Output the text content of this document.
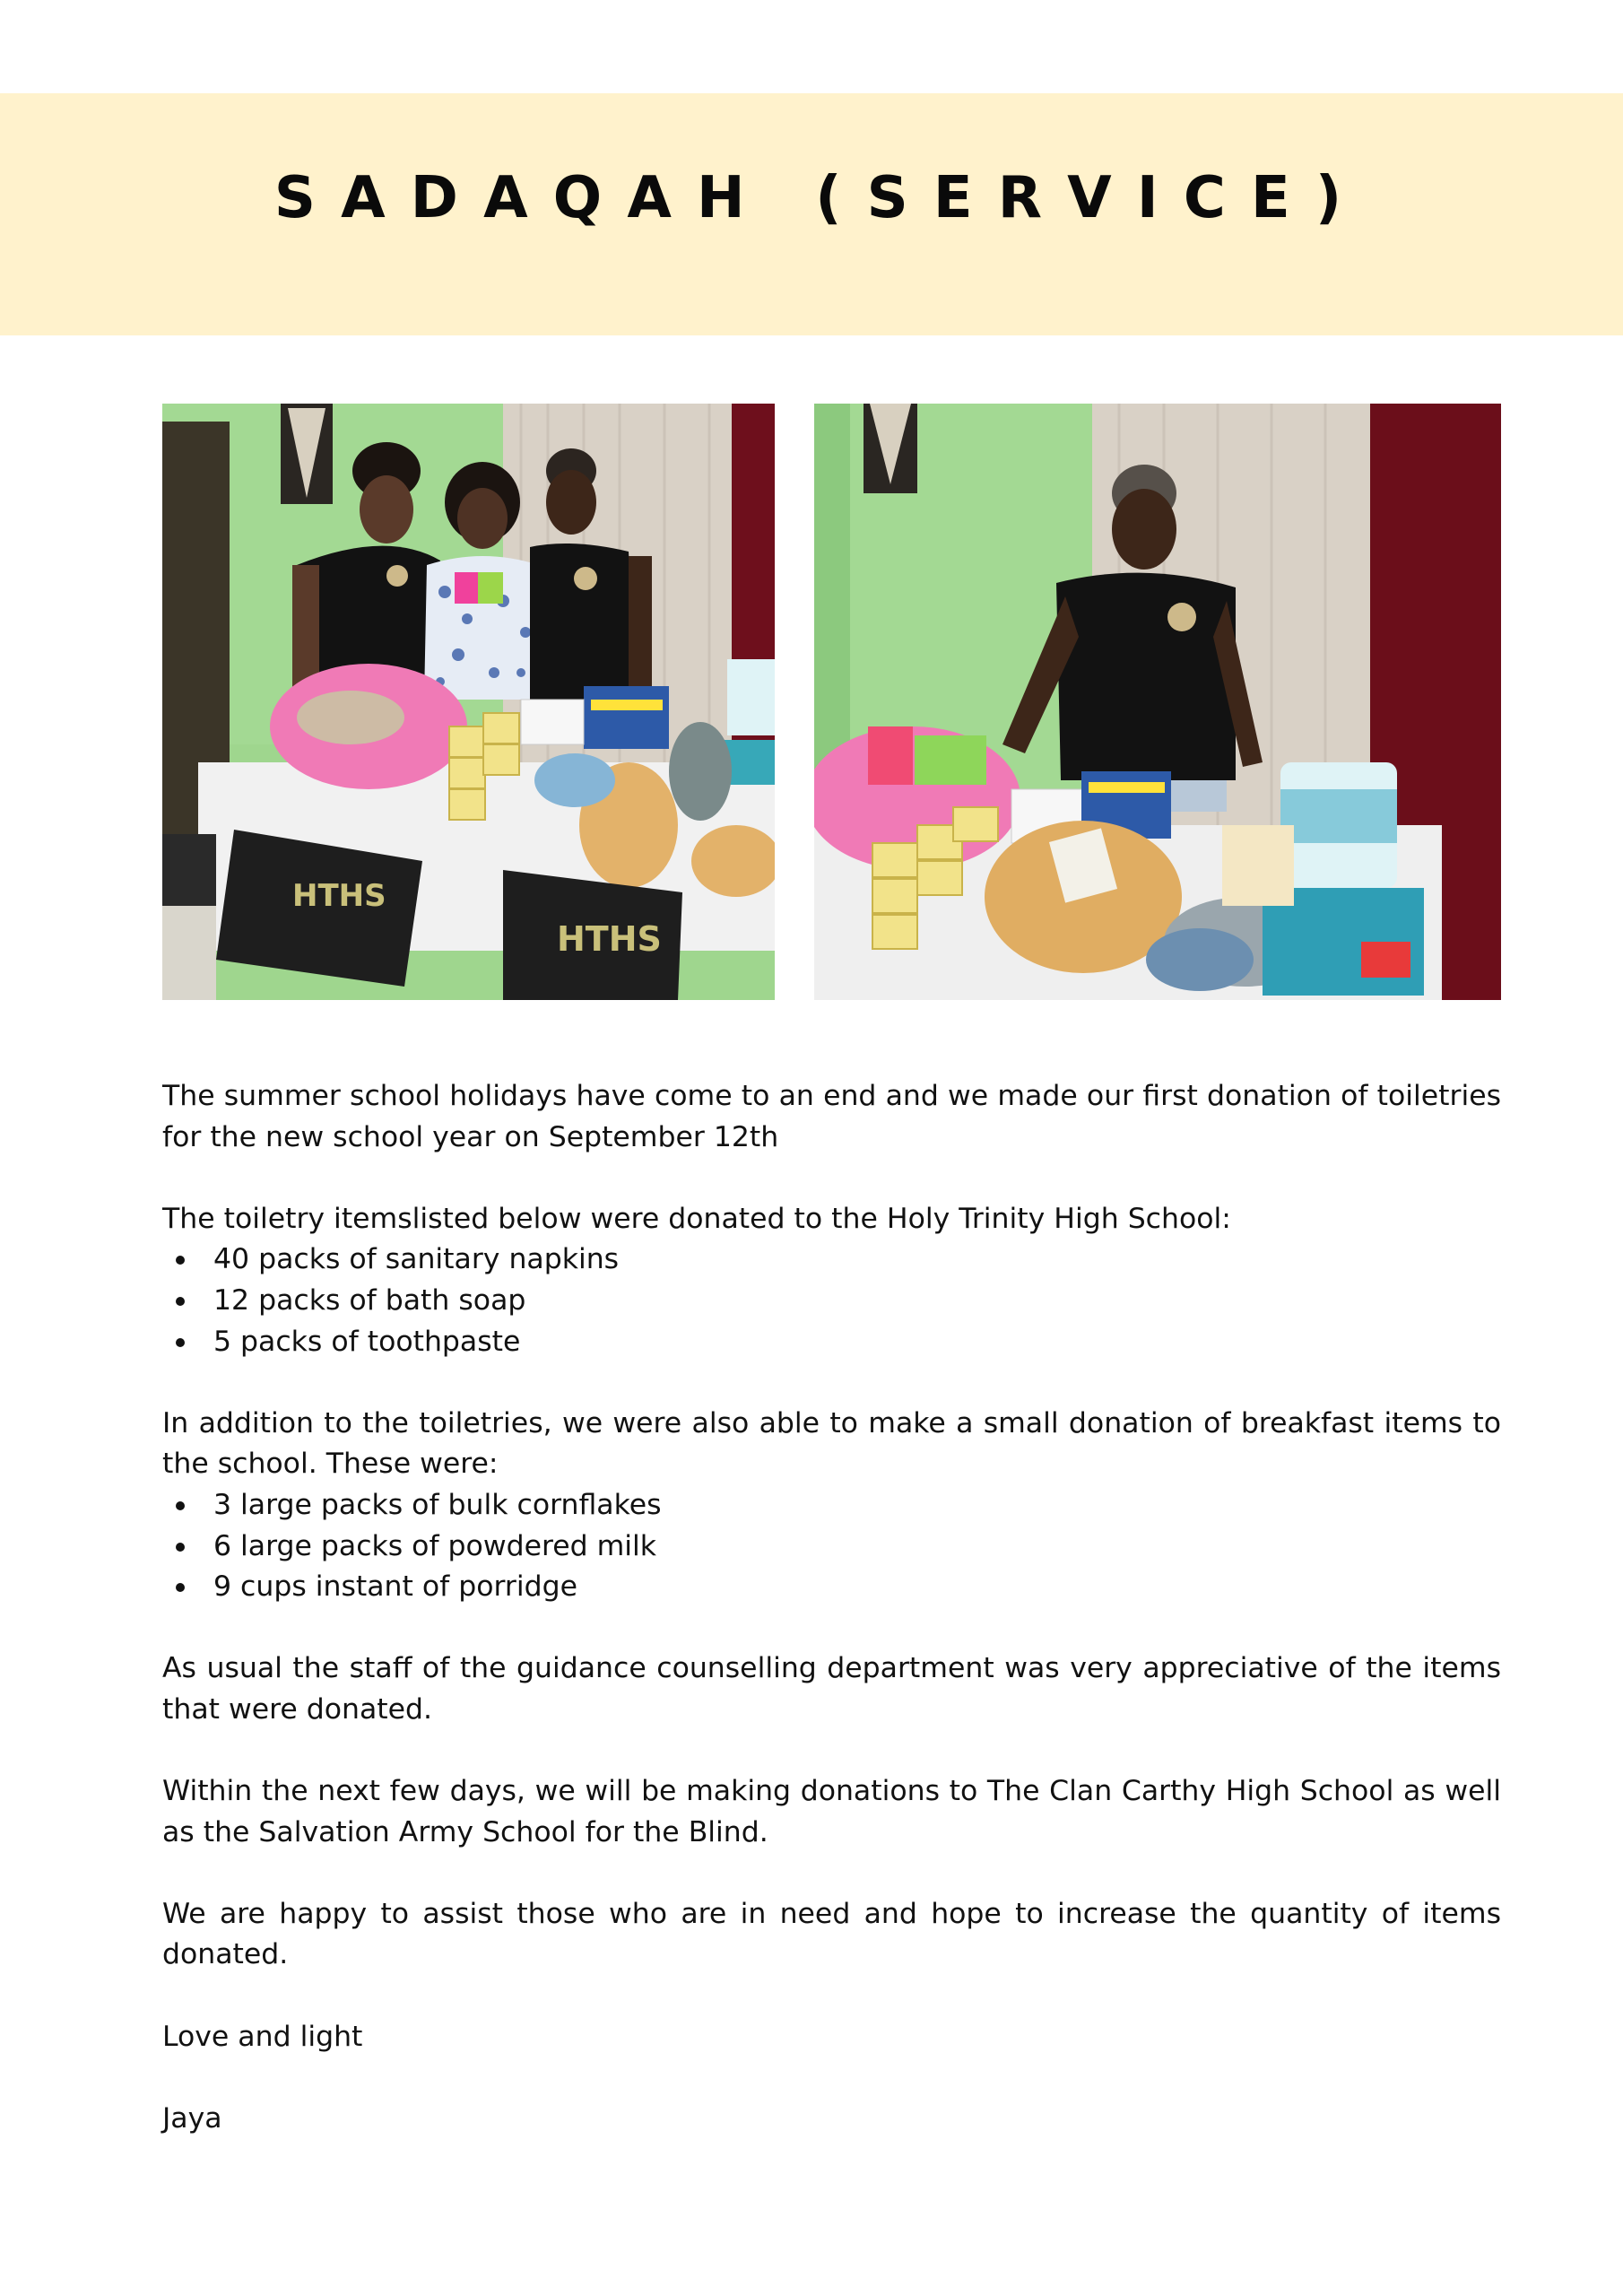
SADAQAH (SERVICE)
HTHS
HTHS

The summer school holidays have come to an end and we made our first donation of toiletries for the new school year on September 12th

The toiletry itemslisted below were donated to the Holy Trinity High School:

40 packs of sanitary napkins
12 packs of bath soap
5 packs of toothpaste

In addition to the toiletries, we were also able to make a small donation of breakfast items to the school. These were:

3 large packs of bulk cornflakes
6 large packs of powdered milk
9 cups instant of porridge

As usual the staff of the guidance counselling department was very appreciative of the items that were donated.

Within the next few days, we will be making donations to The Clan Carthy High School as well as the Salvation Army School for the Blind.

We are happy to assist those who are in need and hope to increase the quantity of items donated.

Love and light

Jaya
